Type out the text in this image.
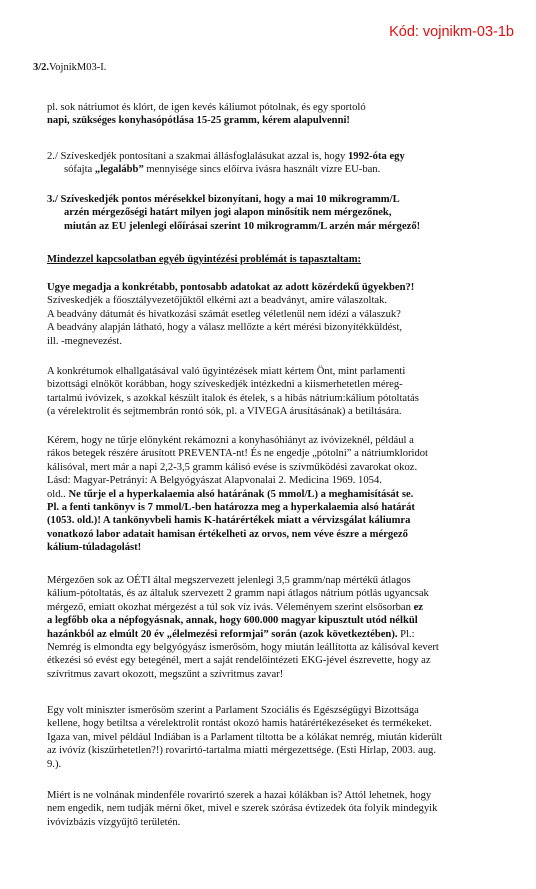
Kód: vojnikm-03-1b
3/2.VojnikM03-I.
pl. sok nátriumot és klórt, de igen kevés káliumot pótolnak, és egy sportoló
napi, szükséges konyhasópótlása 15-25 gramm, kérem alapulvenni!
2./ Szíveskedjék pontosítani a szakmai állásfoglalásukat azzal is, hogy 1992-óta egy
sófajta „legalább” mennyisége sincs előírva ivásra használt vízre EU-ban.
3./ Szíveskedjék pontos mérésekkel bizonyítani, hogy a mai 10 mikrogramm/L
arzén mérgezőségi határt milyen jogi alapon minősítik nem mérgezőnek,
miután az EU jelenlegi előírásai szerint 10 mikrogramm/L arzén már mérgező!
Mindezzel kapcsolatban egyéb ügyintézési problémát is tapasztaltam:
Ugye megadja a konkrétabb, pontosabb adatokat az adott közérdekű ügyekben?!
Szíveskedjék a főosztályvezetőjüktől elkérni azt a beadványt, amire válaszoltak.
A beadvány dátumát és hivatkozási számát esetleg véletlenül nem idézi a válaszuk?
A beadvány alapján látható, hogy a válasz mellőzte a kért mérési bizonyítékküldést,
ill. -megnevezést.
A konkrétumok elhallgatásával való ügyintézések miatt kértem Önt, mint parlamenti
bizottsági elnököt korábban, hogy szíveskedjék intézkedni a kiismerhetetlen méreg-
tartalmú ivóvizek, s azokkal készült italok és ételek, s a hibás nátrium:kálium pótoltatás
(a vérelektrolit és sejtmembrán rontó sók, pl. a VIVEGA árusításának) a betiltására.
Kérem, hogy ne tűrje előnyként rekámozni a konyhasóhiányt az ivóvizeknél, például a
rákos betegek részére árusított PREVENTA-nt! És ne engedje „pótolni” a nátriumkloridot
kálisóval, mert már a napi 2,2-3,5 gramm kálisó evése is szívműködési zavarokat okoz.
Lásd: Magyar-Petrányi: A Belgyógyászat Alapvonalai 2. Medicina 1969. 1054.
old.. Ne tűrje el a hyperkalaemia alsó határának (5 mmol/L) a meghamisítását se.
Pl. a fenti tankönyv is 7 mmol/L-ben határozza meg a hyperkalaemia alsó határát
(1053. old.)! A tankönyvbeli hamis K-határértékek miatt a vérvizsgálat káliumra
vonatkozó labor adatait hamisan értékelheti az orvos, nem véve észre a mérgező
kálium-túladagolást!
Mérgezően sok az OÉTI által megszervezett jelenlegi 3,5 gramm/nap mértékű átlagos
kálium-pótoltatás, és az általuk szervezett 2 gramm napi átlagos nátrium pótlás ugyancsak
mérgező, emiatt okozhat mérgezést a túl sok víz ivás. Véleményem szerint elsősorban ez
a legfőbb oka a népfogyásnak, annak, hogy 600.000 magyar kipusztult utód nélkül
hazánkból az elmúlt 20 év „élelmezési reformjai” során (azok következtében). Pl.:
Nemrég is elmondta egy belgyógyász ismerősöm, hogy miután leállította az kálisóval kevert
étkezési só evést egy betegénél, mert a saját rendelőintézeti EKG-jével észrevette, hogy az
szívritmus zavart okozott, megszűnt a szívritmus zavar!
Egy volt miniszter ismerősöm szerint a Parlament Szociális és Egészségügyi Bizottsága
kellene, hogy betiltsa a vérelektrolit rontást okozó hamis határértékezéseket és termékeket.
Igaza van, mivel például Indiában is a Parlament tiltotta be a kólákat nemrég, miután kiderült
az ivóvíz (kiszűrhetetlen?!) rovarirtó-tartalma miatti mérgezettsége. (Esti Hírlap, 2003. aug.
9.).
Miért is ne volnának mindenféle rovarirtó szerek a hazai kólákban is? Attól lehetnek, hogy
nem engedik, nem tudják mérni őket, mivel e szerek szórása évtizedek óta folyik mindegyik
ivóvízbázis vízgyűjtő területén.
